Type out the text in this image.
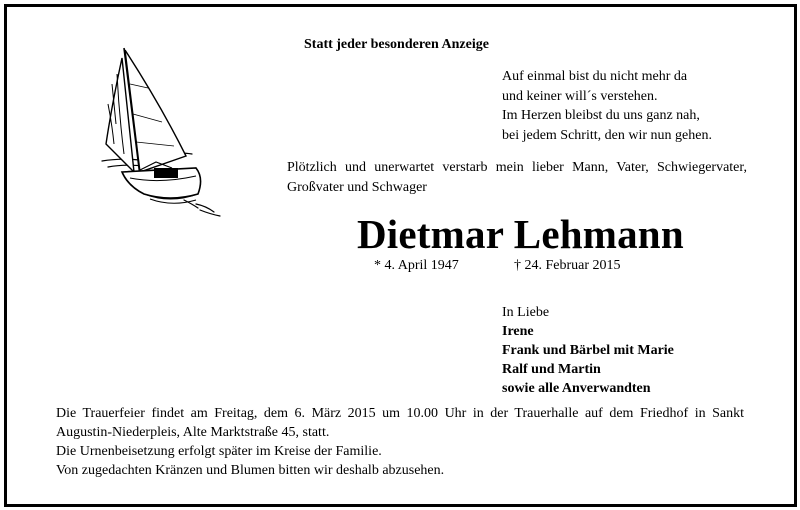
Statt jeder besonderen Anzeige
Auf einmal bist du nicht mehr da
und keiner will´s verstehen.
Im Herzen bleibst du uns ganz nah,
bei jedem Schritt, den wir nun gehen.
Plötzlich und unerwartet verstarb mein lieber Mann, Vater, Schwiegervater, Großvater und Schwager
Dietmar Lehmann
* 4. April 1947	† 24. Februar 2015
In Liebe
Irene
Frank und Bärbel mit Marie
Ralf und Martin
sowie alle Anverwandten

Die Trauerfeier findet am Freitag, dem 6. März 2015 um 10.00 Uhr in der Trauerhalle auf dem Friedhof in Sankt Augustin-Niederpleis, Alte Marktstraße 45, statt.

Die Urnenbeisetzung erfolgt später im Kreise der Familie.

Von zugedachten Kränzen und Blumen bitten wir deshalb abzusehen.
